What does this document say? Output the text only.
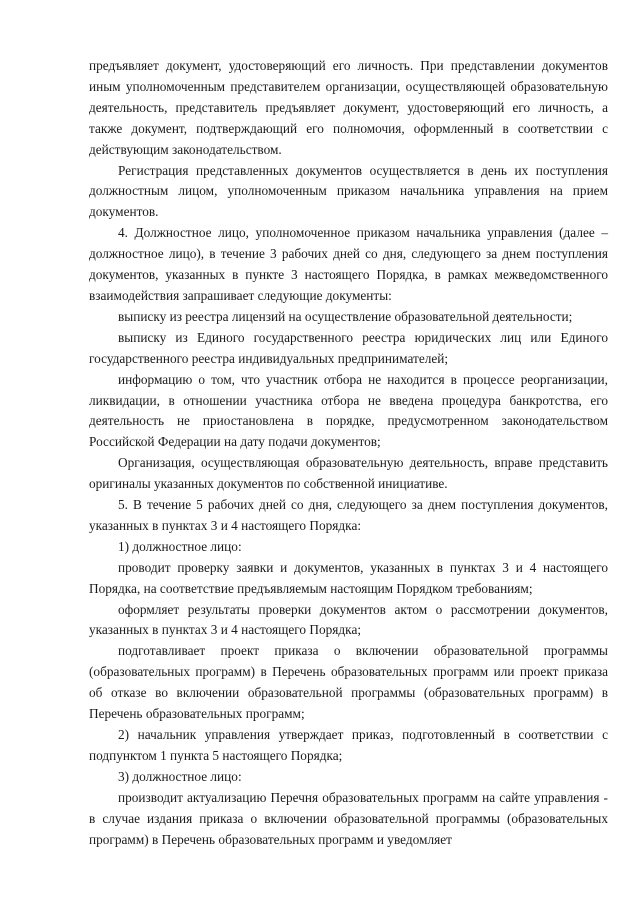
предъявляет документ, удостоверяющий его личность. При представлении документов иным уполномоченным представителем организации, осуществляющей образовательную деятельность, представитель предъявляет документ, удостоверяющий его личность, а также документ, подтверждающий его полномочия, оформленный в соответствии с действующим законодательством.

Регистрация представленных документов осуществляется в день их поступления должностным лицом, уполномоченным приказом начальника управления на прием документов.

4. Должностное лицо, уполномоченное приказом начальника управления (далее – должностное лицо), в течение 3 рабочих дней со дня, следующего за днем поступления документов, указанных в пункте 3 настоящего Порядка, в рамках межведомственного взаимодействия запрашивает следующие документы:

выписку из реестра лицензий на осуществление образовательной деятельности;

выписку из Единого государственного реестра юридических лиц или Единого государственного реестра индивидуальных предпринимателей;

информацию о том, что участник отбора не находится в процессе реорганизации, ликвидации, в отношении участника отбора не введена процедура банкротства, его деятельность не приостановлена в порядке, предусмотренном законодательством Российской Федерации на дату подачи документов;

Организация, осуществляющая образовательную деятельность, вправе представить оригиналы указанных документов по собственной инициативе.

5. В течение 5 рабочих дней со дня, следующего за днем поступления документов, указанных в пунктах 3 и 4 настоящего Порядка:

1) должностное лицо:

проводит проверку заявки и документов, указанных в пунктах 3 и 4 настоящего Порядка, на соответствие предъявляемым настоящим Порядком требованиям;

оформляет результаты проверки документов актом о рассмотрении документов, указанных в пунктах 3 и 4 настоящего Порядка;

подготавливает проект приказа о включении образовательной программы (образовательных программ) в Перечень образовательных программ или проект приказа об отказе во включении образовательной программы (образовательных программ) в Перечень образовательных программ;

2) начальник управления утверждает приказ, подготовленный в соответствии с подпунктом 1 пункта 5 настоящего Порядка;

3) должностное лицо:

производит актуализацию Перечня образовательных программ на сайте управления - в случае издания приказа о включении образовательной программы (образовательных программ) в Перечень образовательных программ и уведомляет
